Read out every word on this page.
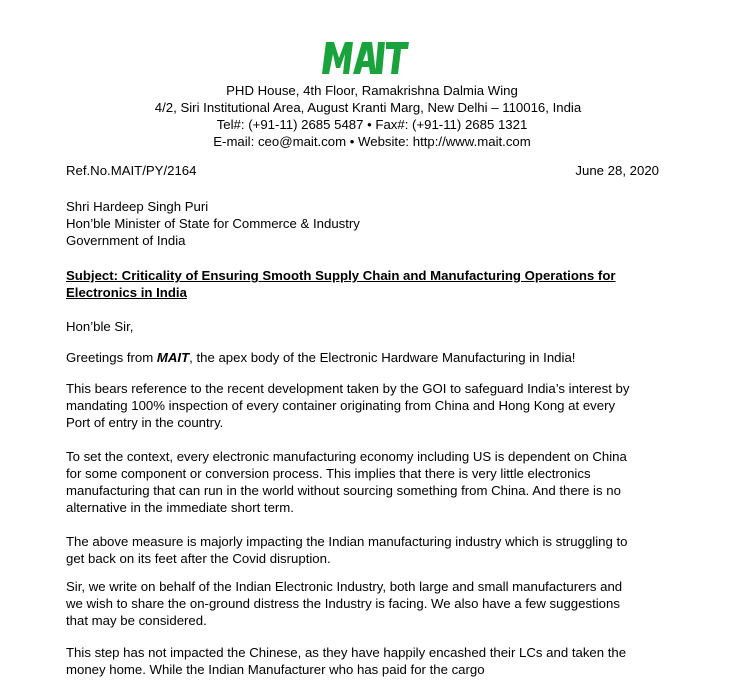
PHD House, 4th Floor, Ramakrishna Dalmia Wing
4/2, Siri Institutional Area, August Kranti Marg, New Delhi – 110016, India
Tel#: (+91-11) 2685 5487 • Fax#: (+91-11) 2685 1321
E-mail: ceo@mait.com • Website: http://www.mait.com
Ref.No.MAIT/PY/2164	June 28, 2020
Shri Hardeep Singh Puri
Hon’ble Minister of State for Commerce & Industry
Government of India
Subject: Criticality of Ensuring Smooth Supply Chain and Manufacturing Operations for
Electronics in India
Hon’ble Sir,
Greetings from MAIT, the apex body of the Electronic Hardware Manufacturing in India!
This bears reference to the recent development taken by the GOI to safeguard India’s interest by
mandating 100% inspection of every container originating from China and Hong Kong at every
Port of entry in the country.
To set the context, every electronic manufacturing economy including US is dependent on China
for some component or conversion process. This implies that there is very little electronics
manufacturing that can run in the world without sourcing something from China. And there is no
alternative in the immediate short term.
The above measure is majorly impacting the Indian manufacturing industry which is struggling to
get back on its feet after the Covid disruption.
Sir, we write on behalf of the Indian Electronic Industry, both large and small manufacturers and
we wish to share the on-ground distress the Industry is facing. We also have a few suggestions
that may be considered.
This step has not impacted the Chinese, as they have happily encashed their LCs and taken the
money home. While the Indian Manufacturer who has paid for the cargo
